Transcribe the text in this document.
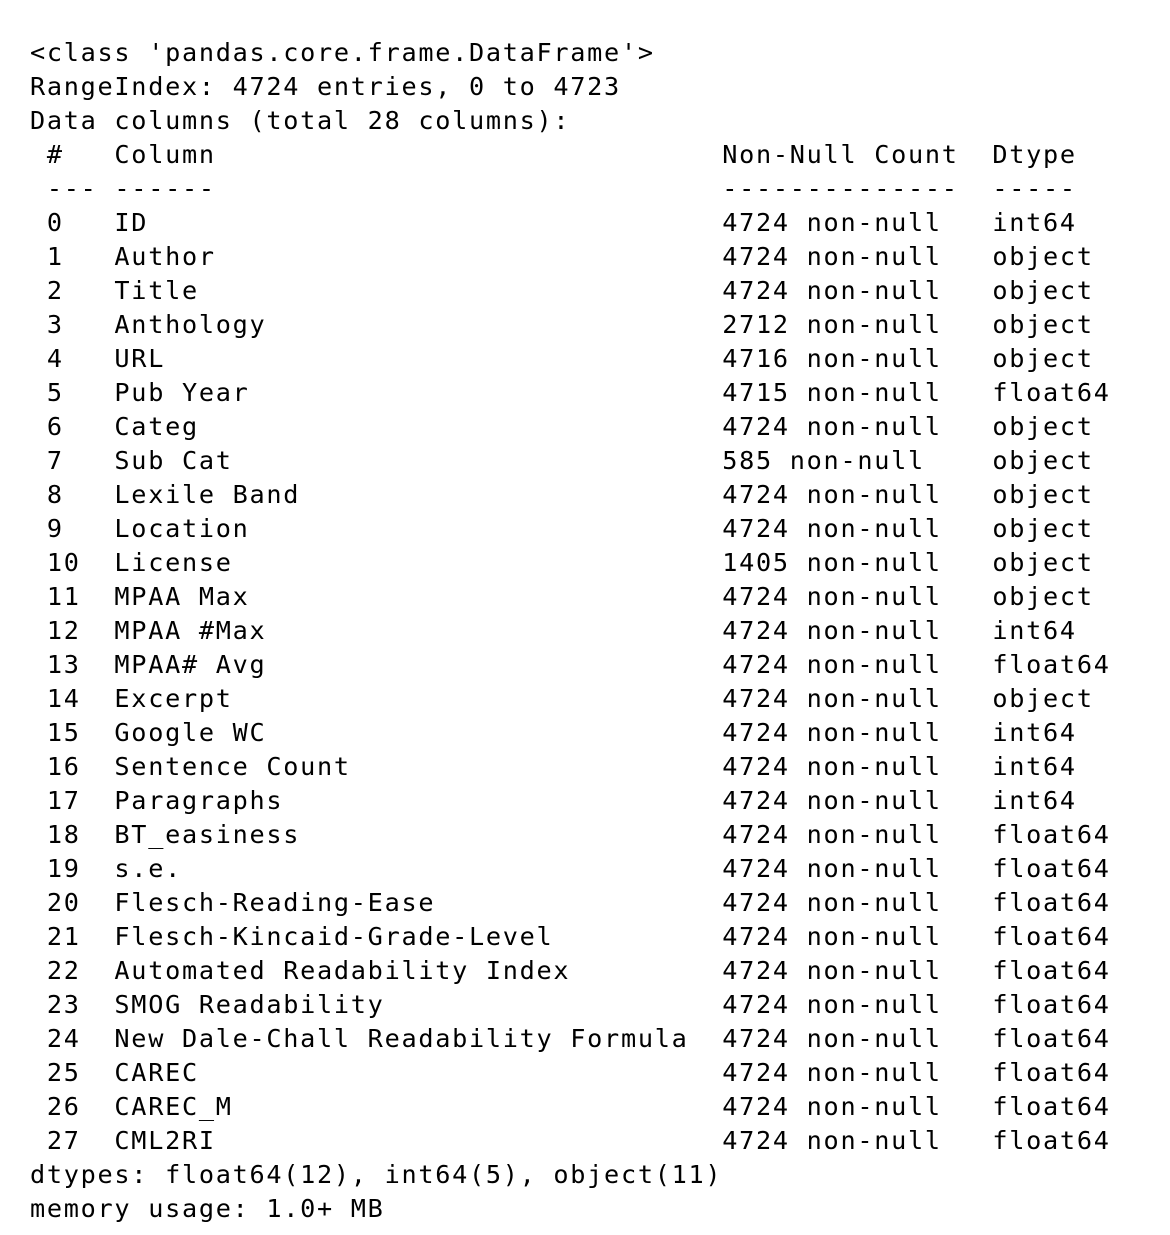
<class 'pandas.core.frame.DataFrame'>
RangeIndex: 4724 entries, 0 to 4723
Data columns (total 28 columns):
#   Column                              Non-Null Count  Dtype
--- ------                              --------------  -----
0   ID                                  4724 non-null   int64
1   Author                              4724 non-null   object
2   Title                               4724 non-null   object
3   Anthology                           2712 non-null   object
4   URL                                 4716 non-null   object
5   Pub Year                            4715 non-null   float64
6   Categ                               4724 non-null   object
7   Sub Cat                             585 non-null    object
8   Lexile Band                         4724 non-null   object
9   Location                            4724 non-null   object
10  License                             1405 non-null   object
11  MPAA Max                            4724 non-null   object
12  MPAA #Max                           4724 non-null   int64
13  MPAA# Avg                           4724 non-null   float64
14  Excerpt                             4724 non-null   object
15  Google WC                           4724 non-null   int64
16  Sentence Count                      4724 non-null   int64
17  Paragraphs                          4724 non-null   int64
18  BT_easiness                         4724 non-null   float64
19  s.e.                                4724 non-null   float64
20  Flesch-Reading-Ease                 4724 non-null   float64
21  Flesch-Kincaid-Grade-Level          4724 non-null   float64
22  Automated Readability Index         4724 non-null   float64
23  SMOG Readability                    4724 non-null   float64
24  New Dale-Chall Readability Formula  4724 non-null   float64
25  CAREC                               4724 non-null   float64
26  CAREC_M                             4724 non-null   float64
27  CML2RI                              4724 non-null   float64
dtypes: float64(12), int64(5), object(11)
memory usage: 1.0+ MB
